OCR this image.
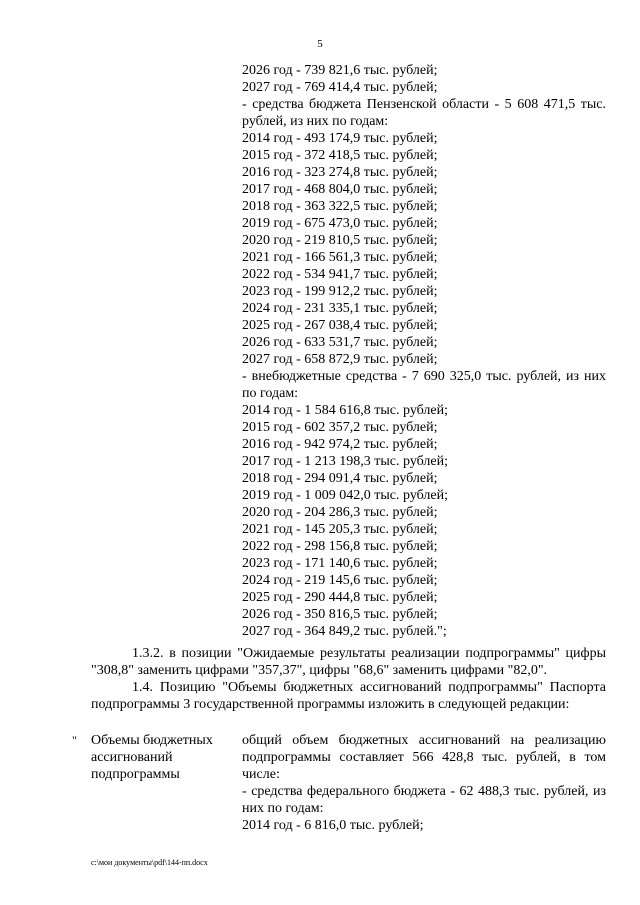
5
2026 год - 739 821,6 тыс. рублей;
2027 год - 769 414,4 тыс. рублей;
- средства бюджета Пензенской области - 5 608 471,5 тыс. рублей, из них по годам:
2014 год - 493 174,9 тыс. рублей;
2015 год - 372 418,5 тыс. рублей;
2016 год - 323 274,8 тыс. рублей;
2017 год - 468 804,0 тыс. рублей;
2018 год - 363 322,5 тыс. рублей;
2019 год - 675 473,0 тыс. рублей;
2020 год - 219 810,5 тыс. рублей;
2021 год - 166 561,3 тыс. рублей;
2022 год - 534 941,7 тыс. рублей;
2023 год - 199 912,2 тыс. рублей;
2024 год - 231 335,1 тыс. рублей;
2025 год - 267 038,4 тыс. рублей;
2026 год - 633 531,7 тыс. рублей;
2027 год - 658 872,9 тыс. рублей;
- внебюджетные средства - 7 690 325,0 тыс. рублей, из них по годам:
2014 год - 1 584 616,8 тыс. рублей;
2015 год - 602 357,2 тыс. рублей;
2016 год - 942 974,2 тыс. рублей;
2017 год - 1 213 198,3 тыс. рублей;
2018 год - 294 091,4 тыс. рублей;
2019 год - 1 009 042,0 тыс. рублей;
2020 год - 204 286,3 тыс. рублей;
2021 год - 145 205,3 тыс. рублей;
2022 год - 298 156,8 тыс. рублей;
2023 год - 171 140,6 тыс. рублей;
2024 год - 219 145,6 тыс. рублей;
2025 год - 290 444,8 тыс. рублей;
2026 год - 350 816,5 тыс. рублей;
2027 год - 364 849,2 тыс. рублей.";
1.3.2. в позиции "Ожидаемые результаты реализации подпрограммы" цифры "308,8" заменить цифрами "357,37", цифры "68,6" заменить цифрами "82,0".
1.4. Позицию "Объемы бюджетных ассигнований подпрограммы" Паспорта подпрограммы 3 государственной программы изложить в следующей редакции:
" Объемы бюджетных ассигнований подпрограммы
общий объем бюджетных ассигнований на реализацию подпрограммы составляет 566 428,8 тыс. рублей, в том числе:
- средства федерального бюджета - 62 488,3 тыс. рублей, из них по годам:
2014 год - 6 816,0 тыс. рублей;
c:\мои документы\pdf\144-пп.docx
